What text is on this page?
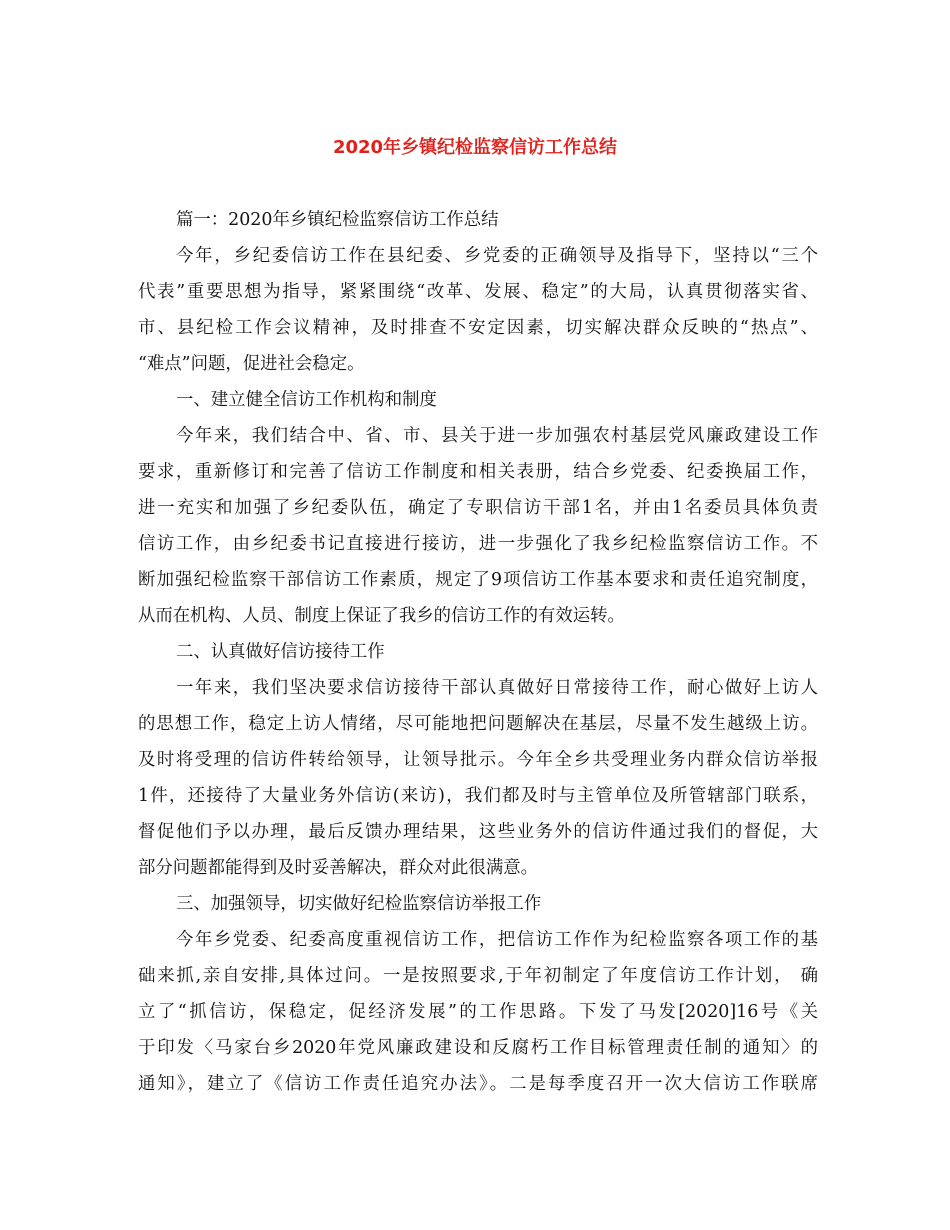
2020年乡镇纪检监察信访工作总结
篇一：2020年乡镇纪检监察信访工作总结
今年，乡纪委信访工作在县纪委、乡党委的正确领导及指导下，坚持以“三个
代表”重要思想为指导，紧紧围绕“改革、发展、稳定”的大局，认真贯彻落实省、
市、县纪检工作会议精神，及时排查不安定因素，切实解决群众反映的“热点”、
“难点”问题，促进社会稳定。
一、建立健全信访工作机构和制度
今年来，我们结合中、省、市、县关于进一步加强农村基层党风廉政建设工作
要求，重新修订和完善了信访工作制度和相关表册，结合乡党委、纪委换届工作，
进一充实和加强了乡纪委队伍，确定了专职信访干部1名，并由1名委员具体负责
信访工作，由乡纪委书记直接进行接访，进一步强化了我乡纪检监察信访工作。不
断加强纪检监察干部信访工作素质，规定了9项信访工作基本要求和责任追究制度，
从而在机构、人员、制度上保证了我乡的信访工作的有效运转。
二、认真做好信访接待工作
一年来，我们坚决要求信访接待干部认真做好日常接待工作，耐心做好上访人
的思想工作，稳定上访人情绪，尽可能地把问题解决在基层，尽量不发生越级上访。
及时将受理的信访件转给领导，让领导批示。今年全乡共受理业务内群众信访举报
1件，还接待了大量业务外信访(来访)，我们都及时与主管单位及所管辖部门联系，
督促他们予以办理，最后反馈办理结果，这些业务外的信访件通过我们的督促，大
部分问题都能得到及时妥善解决，群众对此很满意。
三、加强领导，切实做好纪检监察信访举报工作
今年乡党委、纪委高度重视信访工作，把信访工作作为纪检监察各项工作的基
础来抓,亲自安排,具体过问。一是按照要求,于年初制定了年度信访工作计划， 确
立了“抓信访，保稳定，促经济发展”的工作思路。下发了马发[2020]16号《关
于印发〈马家台乡2020年党风廉政建设和反腐朽工作目标管理责任制的通知〉的
通知》，建立了《信访工作责任追究办法》。二是每季度召开一次大信访工作联席
